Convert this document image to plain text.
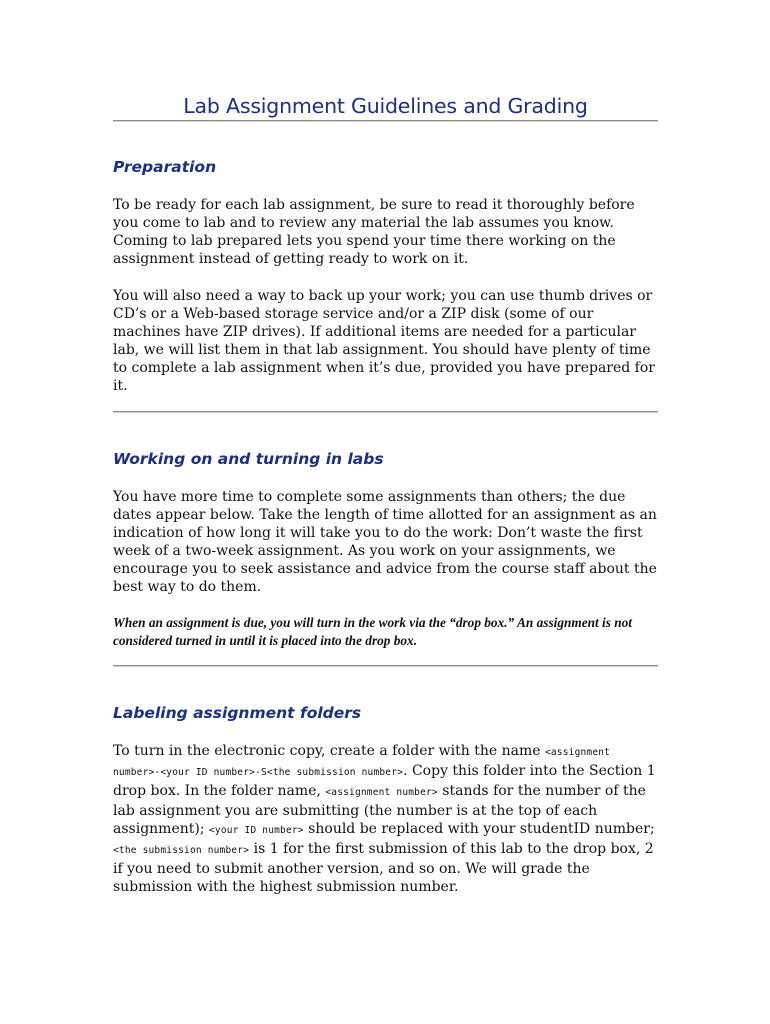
Lab Assignment Guidelines and Grading
Preparation

To be ready for each lab assignment, be sure to read it thoroughly before you come to lab and to review any material the lab assumes you know. Coming to lab prepared lets you spend your time there working on the assignment instead of getting ready to work on it.

You will also need a way to back up your work; you can use thumb drives or CD’s or a Web-based storage service and/or a ZIP disk (some of our machines have ZIP drives). If additional items are needed for a particular lab, we will list them in that lab assignment. You should have plenty of time to complete a lab assignment when it’s due, provided you have prepared for it.

Working on and turning in labs

You have more time to complete some assignments than others; the due dates appear below. Take the length of time allotted for an assignment as an indication of how long it will take you to do the work: Don’t waste the first week of a two-week assignment. As you work on your assignments, we encourage you to seek assistance and advice from the course staff about the best way to do them.

When an assignment is due, you will turn in the work via the “drop box.” An assignment is not considered turned in until it is placed into the drop box.

Labeling assignment folders

To turn in the electronic copy, create a folder with the name <assignment number>-<your ID number>-S<the submission number>. Copy this folder into the Section 1 drop box. In the folder name, <assignment number> stands for the number of the lab assignment you are submitting (the number is at the top of each assignment); <your ID number> should be replaced with your studentID number; <the submission number> is 1 for the first submission of this lab to the drop box, 2 if you need to submit another version, and so on. We will grade the submission with the highest submission number.
